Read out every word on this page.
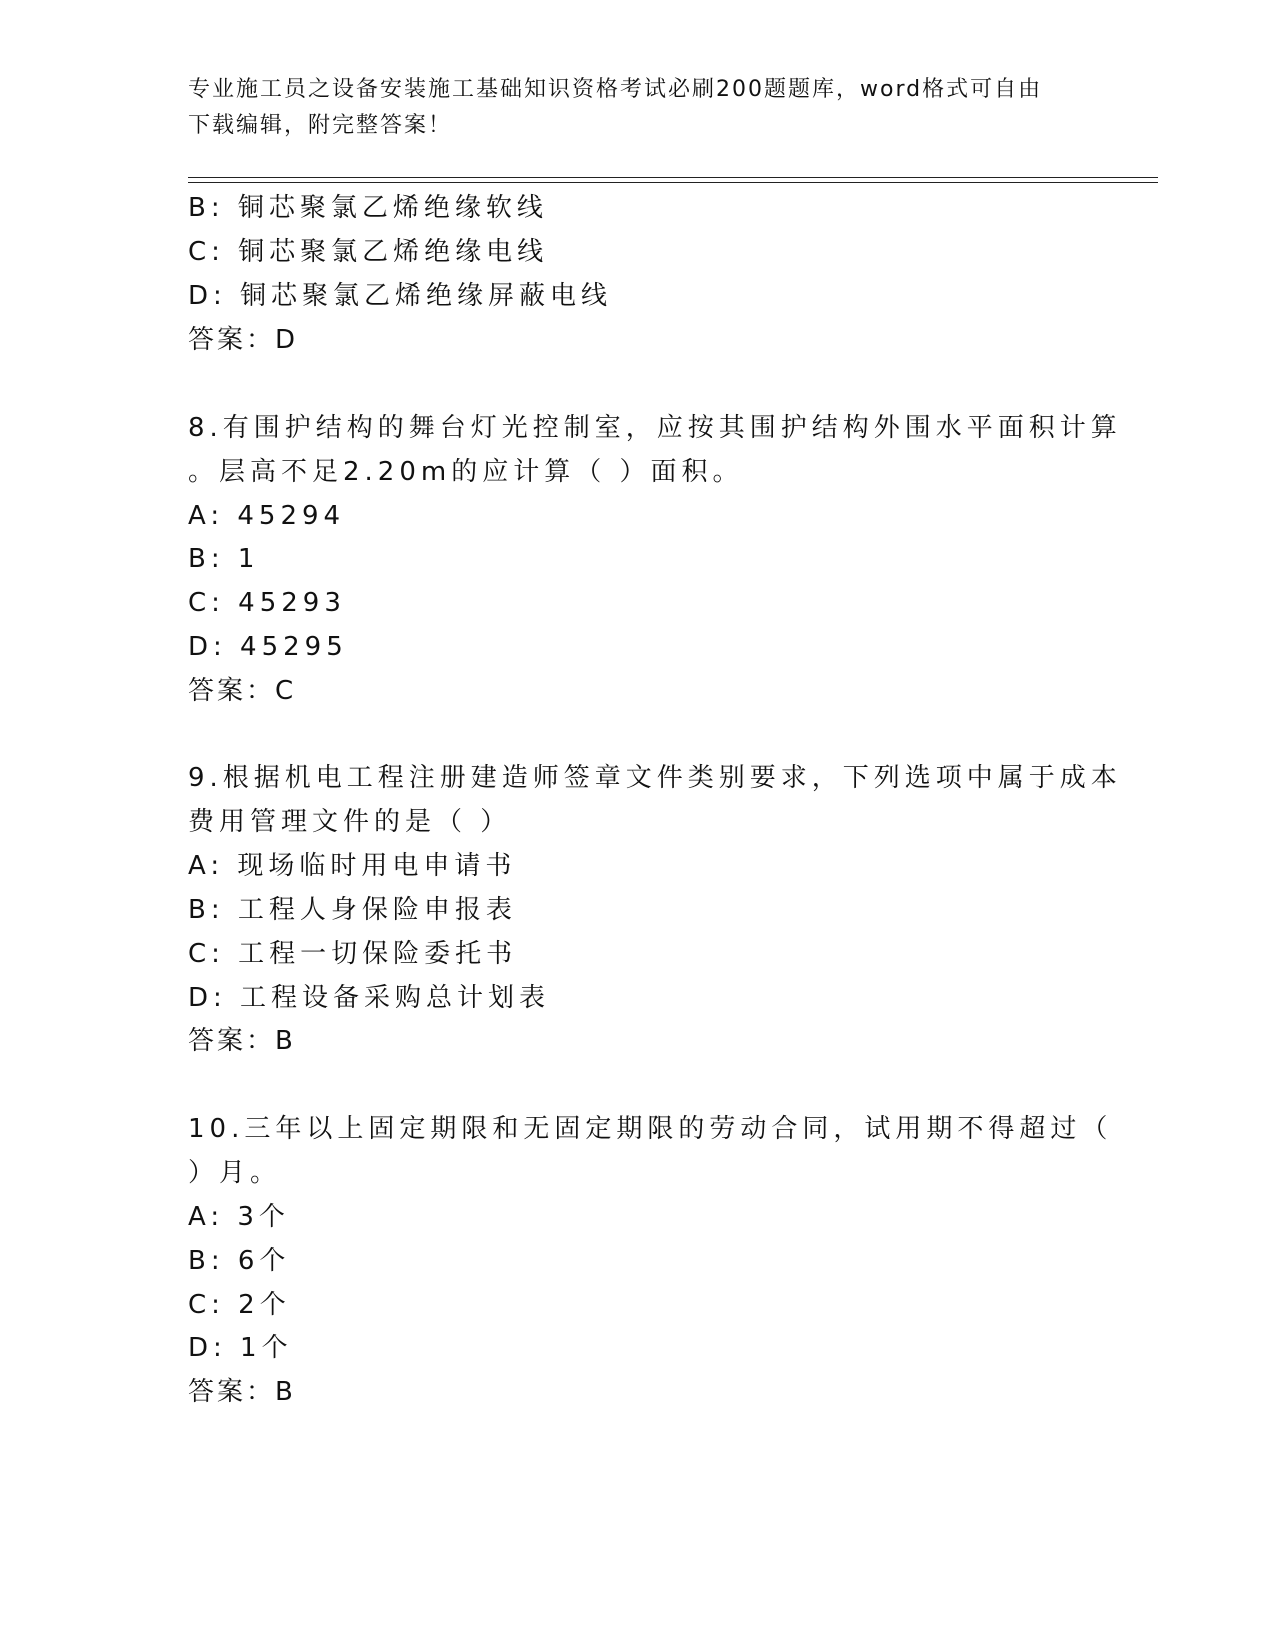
专业施工员之设备安装施工基础知识资格考试必刷200题题库，word格式可自由
下载编辑，附完整答案！
B: 铜芯聚氯乙烯绝缘软线
C: 铜芯聚氯乙烯绝缘电线
D: 铜芯聚氯乙烯绝缘屏蔽电线
答案：D
8.有围护结构的舞台灯光控制室，应按其围护结构外围水平面积计算
。层高不足2.20m的应计算（ ）面积。
A: 45294
B: 1
C: 45293
D: 45295
答案：C
9.根据机电工程注册建造师签章文件类别要求，下列选项中属于成本
费用管理文件的是（ ）
A: 现场临时用电申请书
B: 工程人身保险申报表
C: 工程一切保险委托书
D: 工程设备采购总计划表
答案：B
10.三年以上固定期限和无固定期限的劳动合同，试用期不得超过（
）月。
A: 3个
B: 6个
C: 2个
D: 1个
答案：B
